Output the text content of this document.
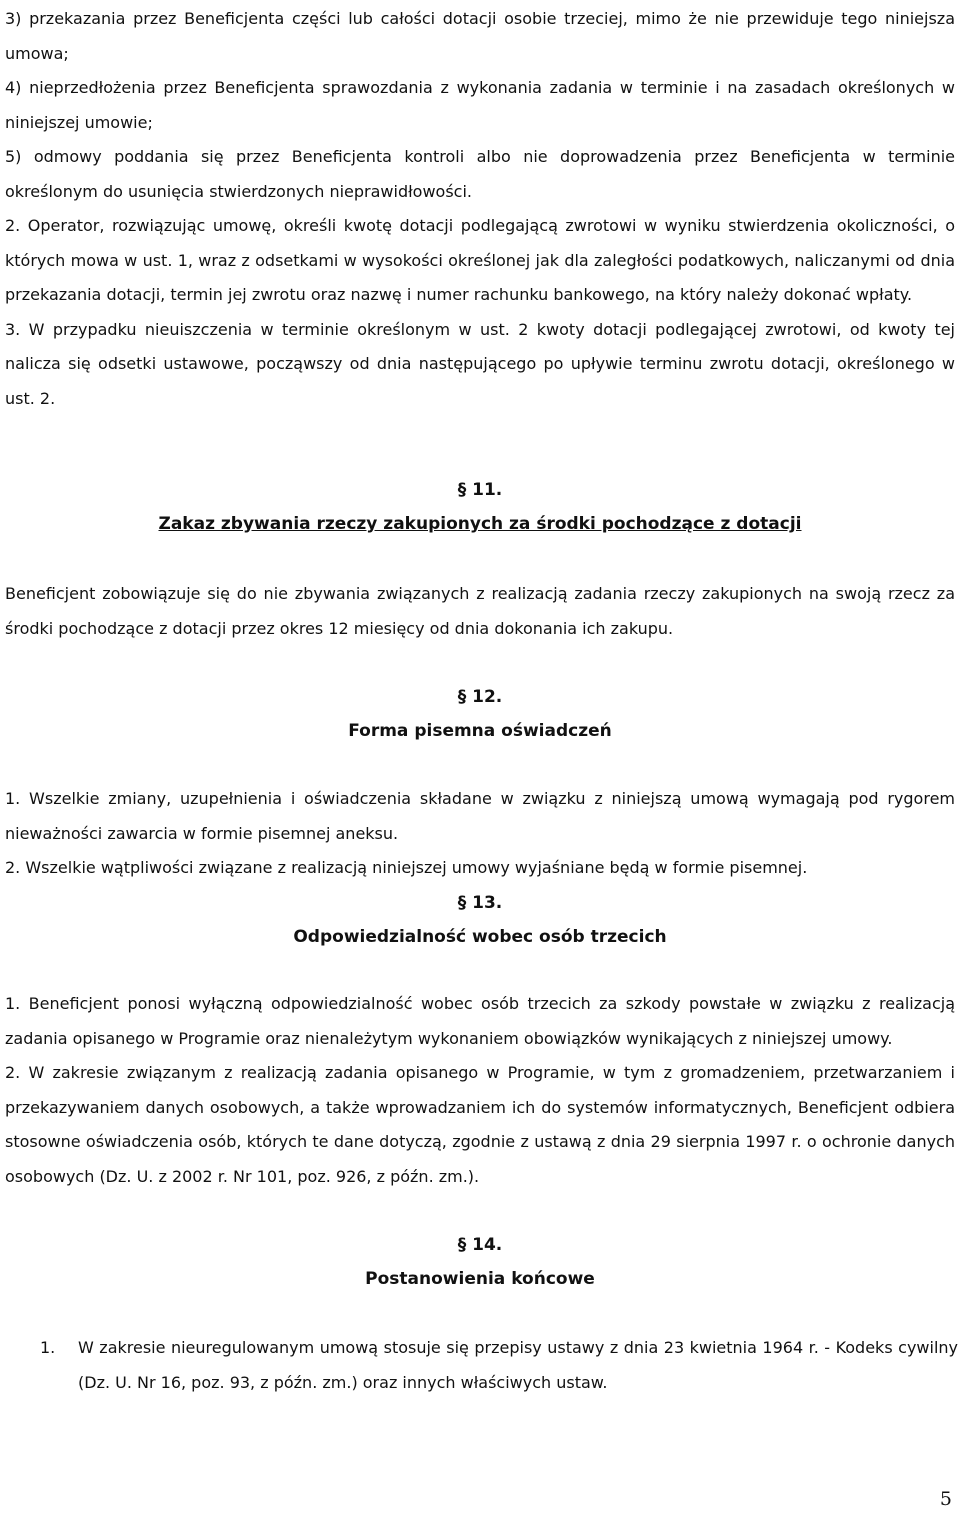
3) przekazania przez Beneficjenta części lub całości dotacji osobie trzeciej, mimo że nie przewiduje tego niniejsza umowa;

4) nieprzedłożenia przez Beneficjenta sprawozdania z wykonania zadania w terminie i na zasadach określonych w niniejszej umowie;

5) odmowy poddania się przez Beneficjenta kontroli albo nie doprowadzenia przez Beneficjenta w terminie określonym do usunięcia stwierdzonych nieprawidłowości.

2. Operator, rozwiązując umowę, określi kwotę dotacji podlegającą zwrotowi w wyniku stwierdzenia okoliczności, o których mowa w ust. 1, wraz z odsetkami w wysokości określonej jak dla zaległości podatkowych, naliczanymi od dnia przekazania dotacji, termin jej zwrotu oraz nazwę i numer rachunku bankowego, na który należy dokonać wpłaty.

3. W przypadku nieuiszczenia w terminie określonym w ust. 2 kwoty dotacji podlegającej zwrotowi, od kwoty tej nalicza się odsetki ustawowe, począwszy od dnia następującego po upływie terminu zwrotu dotacji, określonego w ust. 2.

§ 11.
Zakaz zbywania rzeczy zakupionych za środki pochodzące z dotacji

Beneficjent zobowiązuje się do nie zbywania związanych z realizacją zadania rzeczy zakupionych na swoją rzecz za środki pochodzące z dotacji przez okres 12 miesięcy od dnia dokonania ich zakupu.

§ 12.
Forma pisemna oświadczeń

1. Wszelkie zmiany, uzupełnienia i oświadczenia składane w związku z niniejszą umową wymagają pod rygorem nieważności zawarcia w formie pisemnej aneksu.

2. Wszelkie wątpliwości związane z realizacją niniejszej umowy wyjaśniane będą w formie pisemnej.

§ 13.
Odpowiedzialność wobec osób trzecich

1. Beneficjent ponosi wyłączną odpowiedzialność wobec osób trzecich za szkody powstałe w związku z realizacją zadania opisanego w Programie oraz nienależytym wykonaniem obowiązków wynikających z niniejszej umowy.

2. W zakresie związanym z realizacją zadania opisanego w Programie, w tym z gromadzeniem, przetwarzaniem i przekazywaniem danych osobowych, a także wprowadzaniem ich do systemów informatycznych, Beneficjent odbiera stosowne oświadczenia osób, których te dane dotyczą, zgodnie z ustawą z dnia 29 sierpnia 1997 r. o ochronie danych osobowych (Dz. U. z 2002 r. Nr 101, poz. 926, z późn. zm.).

§ 14.
Postanowienia końcowe
1.	W zakresie nieuregulowanym umową stosuje się przepisy ustawy z dnia 23 kwietnia 1964 r. - Kodeks cywilny (Dz. U. Nr 16, poz. 93, z późn. zm.) oraz innych właściwych ustaw.
5
